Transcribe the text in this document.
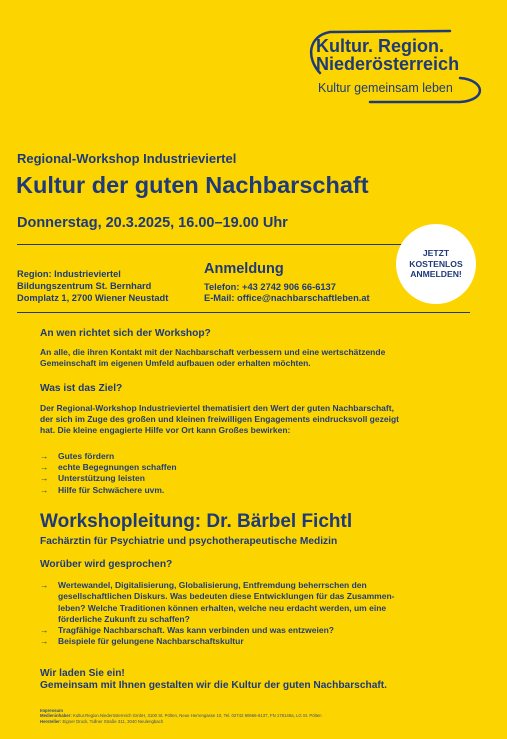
Kultur. Region.
Niederösterreich
Kultur gemeinsam leben
Regional-Workshop Industrieviertel
Kultur der guten Nachbarschaft
Donnerstag, 20.3.2025, 16.00–19.00 Uhr
Region: Industrieviertel
Bildungszentrum St. Bernhard
Domplatz 1, 2700 Wiener Neustadt
Anmeldung
Telefon: +43 2742 906 66-6137
E-Mail: office@nachbarschaftleben.at
JETZT
KOSTENLOS
ANMELDEN!
An wen richtet sich der Workshop?
An alle, die ihren Kontakt mit der Nachbarschaft verbessern und eine wertschätzende
Gemeinschaft im eigenen Umfeld aufbauen oder erhalten möchten.
Was ist das Ziel?
Der Regional-Workshop Industrieviertel thematisiert den Wert der guten Nachbarschaft,
der sich im Zuge des großen und kleinen freiwilligen Engagements eindrucksvoll gezeigt
hat. Die kleine engagierte Hilfe vor Ort kann Großes bewirken:
→ Gutes fördern
→ echte Begegnungen schaffen
→ Unterstützung leisten
→ Hilfe für Schwächere uvm.
Workshopleitung: Dr. Bärbel Fichtl
Fachärztin für Psychiatrie und psychotherapeutische Medizin
Worüber wird gesprochen?
→	Wertewandel, Digitalisierung, Globalisierung, Entfremdung beherrschen den
gesellschaftlichen Diskurs. Was bedeuten diese Entwicklungen für das Zusammen-
leben? Welche Traditionen können erhalten, welche neu erdacht werden, um eine
förderliche Zukunft zu schaffen?
→	Tragfähige Nachbarschaft. Was kann verbinden und was entzweien?
→	Beispiele für gelungene Nachbarschaftskultur
Wir laden Sie ein!
Gemeinsam mit Ihnen gestalten wir die Kultur der guten Nachbarschaft.
Impressum
Medieninhaber: Kultur.Region.Niederösterreich GmbH, 3100 St. Pölten, Neue Herrengasse 10, Tel. 02742 90666-6137, FN 178149a, LG St. Pölten
Hersteller: Eigner Druck, Tullner Straße 311, 3040 Neulengbach
